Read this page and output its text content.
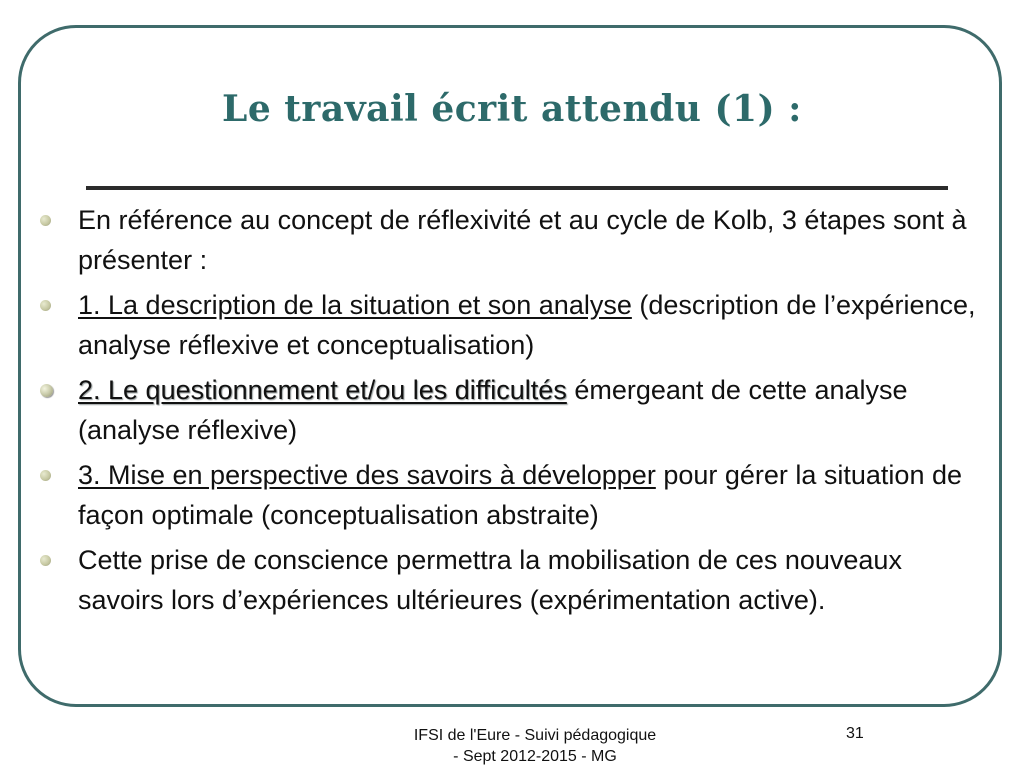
Le travail écrit attendu (1) :
En référence au concept de réflexivité et au cycle de Kolb, 3 étapes sont à présenter :
1. La description de la situation et son analyse (description de l’expérience, analyse réflexive et conceptualisation)
2. Le questionnement et/ou les difficultés émergeant de cette analyse (analyse réflexive)
3. Mise en perspective des savoirs à développer pour gérer la situation de façon optimale (conceptualisation abstraite)
Cette prise de conscience permettra la mobilisation de ces nouveaux savoirs lors d’expériences ultérieures (expérimentation active).
IFSI de l'Eure - Suivi pédagogique
- Sept 2012-2015 - MG
31
